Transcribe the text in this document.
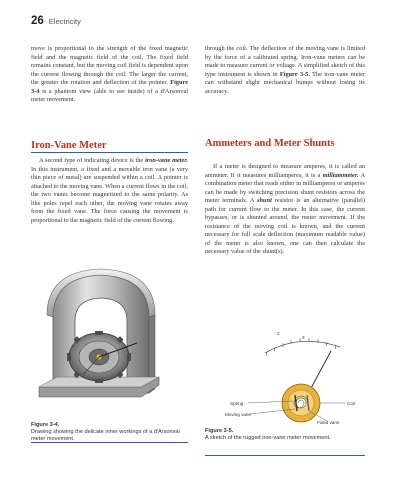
26 Electricity

move is proportional to the strength of the fixed magnetic field and the magnetic field of the coil. The fixed field remains constant, but the moving coil field is dependent upon the current flowing through the coil. The larger the current, the greater the rotation and deflection of the pointer. Figure 3-4 is a phantom view (able to see inside) of a d'Arsonval meter movement.

through the coil. The deflection of the moving vane is limited by the force of a calibrated spring. Iron-vane meters can be made to measure current or voltage. A simplified sketch of this type instrument is shown in Figure 3-5. The iron-vane meter can withstand slight mechanical bumps without losing its accuracy.

Iron-Vane Meter

A second type of indicating device is the iron-vane meter. In this instrument, a fixed and a movable iron vane (a very thin piece of metal) are suspended within a coil. A pointer is attached to the moving vane. When a current flows in the coil, the two vanes become magnetized to the same polarity. As like poles repel each other, the moving vane rotates away from the fixed vane. The force causing the movement is proportional to the magnetic field of the current flowing.

Ammeters and Meter Shunts

If a meter is designed to measure amperes, it is called an ammeter. If it measures milliamperes, it is a milliammeter. A combination meter that reads either in milliamperes or amperes can be made by switching precision shunt resistors across the meter terminals. A shunt resistor is an alternative (parallel) path for current flow to the meter. In this case, the current bypasses, or is shunted around, the meter movement. If the resistance of the moving coil is known, and the current necessary for full scale deflection (maximum readable value) of the meter is also known, one can then calculate the necessary value of the shunt(s).

2
3
Spring
Moving vane
Coil
Fixed vane
Figure 3-4.
Drawing showing the delicate inner workings of a d'Arsonval meter movement.
Figure 3-5.
A sketch of the rugged iron-vane meter movement.
